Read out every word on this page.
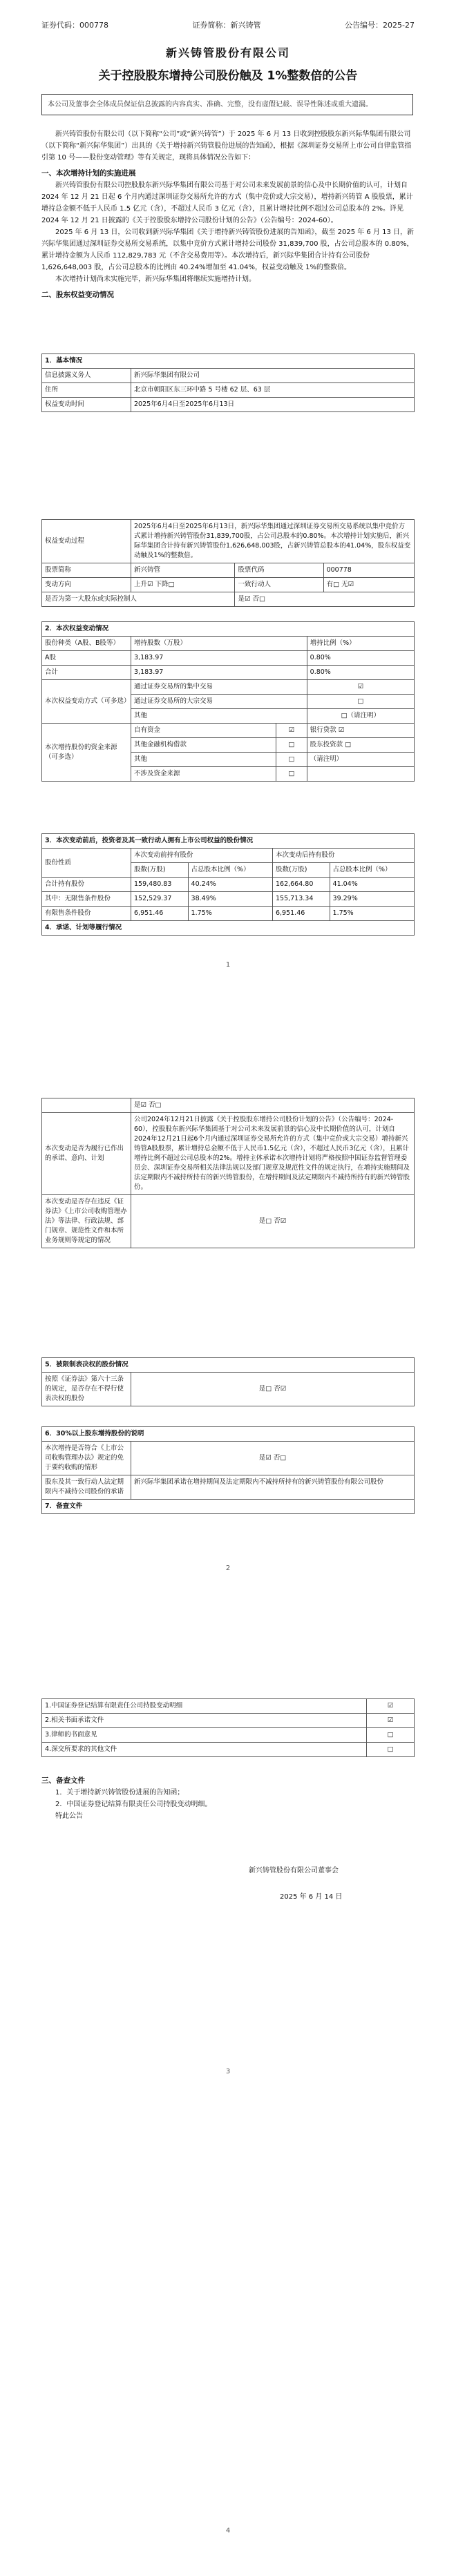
证券代码：000778	证券简称：新兴铸管	公告编号：2025-27
新兴铸管股份有限公司
关于控股股东增持公司股份触及 1%整数倍的公告
本公司及董事会全体成员保证信息披露的内容真实、准确、完整，没有虚假记载、误导性陈述或重大遗漏。

新兴铸管股份有限公司（以下简称“公司”或“新兴铸管”）于 2025 年 6 月 13 日收到控股股东新兴际华集团有限公司（以下简称“新兴际华集团”）出具的《关于增持新兴铸管股份进展的告知函》，根据《深圳证券交易所上市公司自律监管指引第 10 号——股份变动管理》等有关规定，现将具体情况公告如下：

一、本次增持计划的实施进展

新兴铸管股份有限公司控股股东新兴际华集团有限公司基于对公司未来发展前景的信心及中长期价值的认可，计划自 2024 年 12 月 21 日起 6 个月内通过深圳证券交易所允许的方式（集中竞价或大宗交易），增持新兴铸管 A 股股票，累计增持总金额不低于人民币 1.5 亿元（含），不超过人民币 3 亿元（含），且累计增持比例不超过公司总股本的 2%。详见 2024 年 12 月 21 日披露的《关于控股股东增持公司股份计划的公告》（公告编号：2024-60）。

2025 年 6 月 13 日，公司收到新兴际华集团《关于增持新兴铸管股份进展的告知函》，截至 2025 年 6 月 13 日，新兴际华集团通过深圳证券交易所交易系统，以集中竞价方式累计增持公司股份 31,839,700 股，占公司总股本的 0.80%，累计增持金额为人民币 112,829,783 元（不含交易费用等）。本次增持后，新兴际华集团合计持有公司股份 1,626,648,003 股，占公司总股本的比例由 40.24%增加至 41.04%，权益变动触及 1%的整数倍。

本次增持计划尚未实施完毕，新兴际华集团将继续实施增持计划。

二、股东权益变动情况
1．基本情况	
信息披露义务人	新兴际华集团有限公司
住所	北京市朝阳区东三环中路 5 号楼 62 层、63 层
权益变动时间	2025年6月4日至2025年6月13日
权益变动过程	2025年6月4日至2025年6月13日，新兴际华集团通过深圳证券交易所交易系统以集中竞价方式累计增持新兴铸管股份31,839,700股，占公司总股本的0.80%。本次增持计划实施后，新兴际华集团合计持有新兴铸管股份1,626,648,003股，占新兴铸管总股本的41.04%，股东权益变动触及1%的整数倍。		
股票简称	新兴铸管	股票代码	000778
变动方向	上升☑ 下降□	一致行动人	有□ 无☑
是否为第一大股东或实际控制人		是☑ 否□	
2．本次权益变动情况			
股份种类（A股、B股等）	增持股数（万股）		增持比例（%）
A股	3,183.97		0.80%
合计	3,183.97		0.80%
本次权益变动方式（可多选）	通过证券交易所的集中交易		☑
	通过证券交易所的大宗交易		□
	其他		□（请注明）
本次增持股份的资金来源（可多选）	自有资金	☑	银行贷款 ☑
	其他金融机构借款	□	股东投资款 □
	其他	□	（请注明）
	不涉及资金来源	□	
3．本次变动前后，投资者及其一致行动人拥有上市公司权益的股份情况				
股份性质	本次变动前持有股份		本次变动后持有股份	
	股数(万股)	占总股本比例（%）	股数(万股)	占总股本比例（%）
合计持有股份	159,480.83	40.24%	162,664.80	41.04%
其中：无限售条件股份	152,529.37	38.49%	155,713.34	39.29%
有限售条件股份	6,951.46	1.75%	6,951.46	1.75%
4．承诺、计划等履行情况				
1
	是☑ 否□
本次变动是否为履行已作出的承诺、意向、计划	公司2024年12月21日披露《关于控股股东增持公司股份计划的公告》（公告编号：2024-60），控股股东新兴际华集团基于对公司未来发展前景的信心及中长期价值的认可，计划自2024年12月21日起6个月内通过深圳证券交易所允许的方式（集中竞价或大宗交易）增持新兴铸管A股股票，累计增持总金额不低于人民币1.5亿元（含），不超过人民币3亿元（含），且累计增持比例不超过公司总股本的2%。增持主体承诺本次增持计划将严格按照中国证券监督管理委员会、深圳证券交易所相关法律法规以及部门规章及规范性文件的规定执行，在增持实施期间及法定期限内不减持所持有的新兴铸管股份，在增持期间及法定期限内不减持所持有的新兴铸管股份。
本次变动是否存在违反《证券法》《上市公司收购管理办法》等法律、行政法规、部门规章、规范性文件和本所业务规则等规定的情况	是□ 否☑
5．被限制表决权的股份情况
按照《证券法》第六十三条的规定，是否存在不得行使表决权的股份	是□ 否☑
6．30%以上股东增持股份的说明	
本次增持是否符合《上市公司收购管理办法》规定的免于要约收购的情形	是☑ 否□
股东及其一致行动人法定期限内不减持公司股份的承诺	新兴际华集团承诺在增持期间及法定期限内不减持所持有的新兴铸管股份有限公司股份
7．备查文件	
2
1.中国证券登记结算有限责任公司持股变动明细	☑
2.相关书面承诺文件	☑
3.律师的书面意见	□
4.深交所要求的其他文件	□
三、备查文件

1．关于增持新兴铸管股份进展的告知函；

2．中国证券登记结算有限责任公司持股变动明细。

特此公告

新兴铸管股份有限公司董事会
2025 年 6 月 14 日
3
4
